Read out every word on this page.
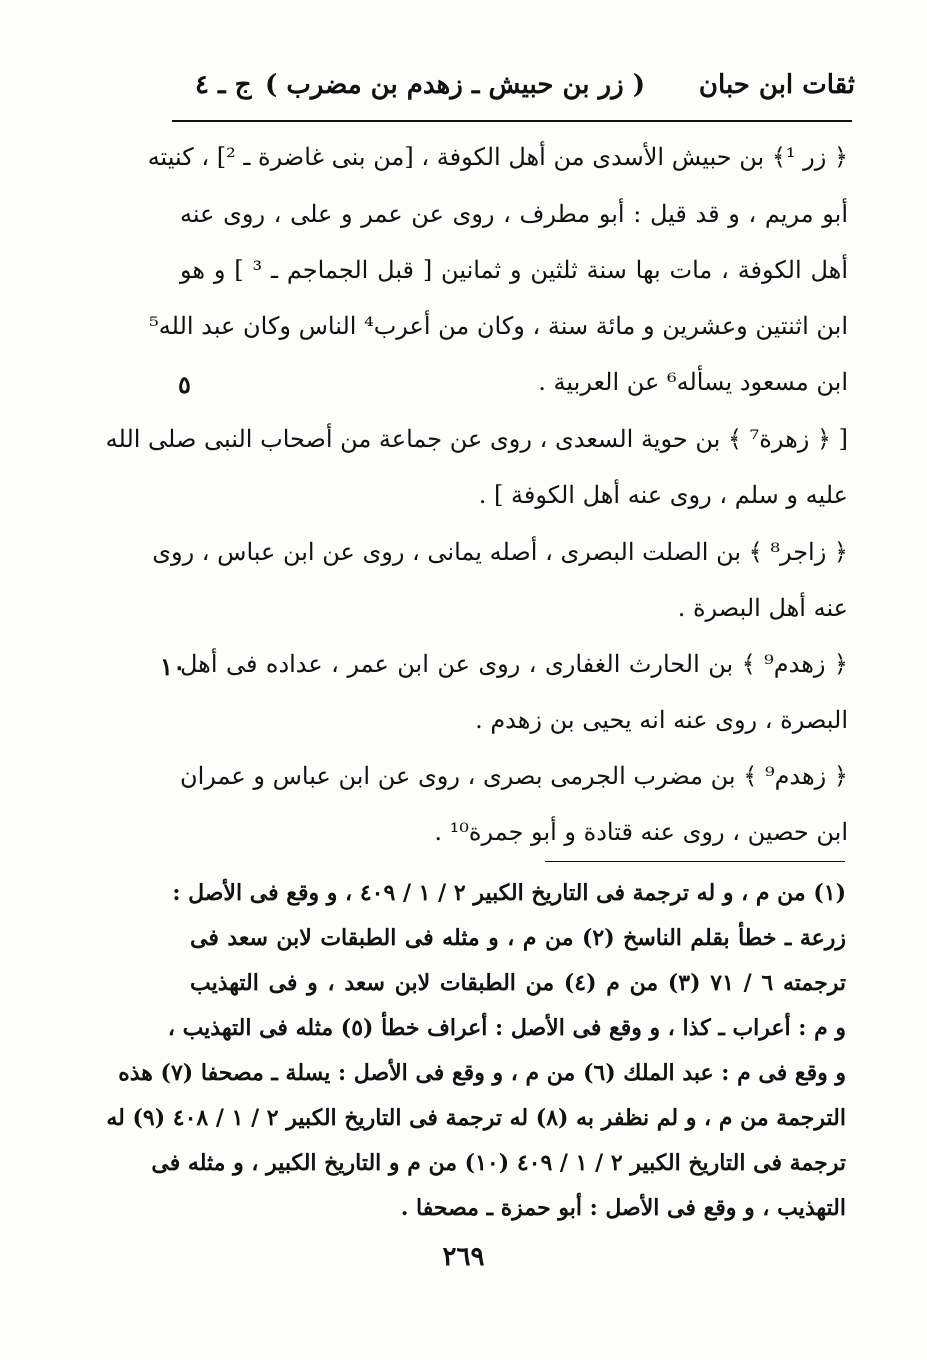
ثقات ابن حبان
( زر بن حبيش ـ زهدم بن مضرب )
ج ـ ٤
﴿ زر ¹﴾ بن حبيش الأسدى من أهل الكوفة ، [من بنى غاضرة ـ ²] ، كنيته
أبو مريم ، و قد قيل : أبو مطرف ، روى عن عمر و على ، روى عنه
أهل الكوفة ، مات بها سنة ثلثين و ثمانين [ قبل الجماجم ـ ³ ] و هو
ابن اثنتين وعشرين و مائة سنة ، وكان من أعرب⁴ الناس وكان عبد الله⁵
ابن مسعود يسأله⁶ عن العربية .
[ ﴿ زهرة⁷ ﴾ بن حوية السعدى ، روى عن جماعة من أصحاب النبى صلى الله
عليه و سلم ، روى عنه أهل الكوفة ] .
﴿ زاجر⁸ ﴾ بن الصلت البصرى ، أصله يمانى ، روى عن ابن عباس ، روى
عنه أهل البصرة .
﴿ زهدم⁹ ﴾ بن الحارث الغفارى ، روى عن ابن عمر ، عداده فى أهل
البصرة ، روى عنه انه يحيى بن زهدم .
﴿ زهدم⁹ ﴾ بن مضرب الجرمى بصرى ، روى عن ابن عباس و عمران
ابن حصين ، روى عنه قتادة و أبو جمرة¹⁰ .
٥
١٠
(١) من م ، و له ترجمة فى التاريخ الكبير ٢ / ١ / ٤٠٩ ، و وقع فى الأصل :
زرعة ـ خطأ بقلم الناسخ (٢) من م ، و مثله فى الطبقات لابن سعد فى
ترجمته ٦ / ٧١ (٣) من م (٤) من الطبقات لابن سعد ، و فى التهذيب
و م : أعراب ـ كذا ، و وقع فى الأصل : أعراف خطأ (٥) مثله فى التهذيب ،
و وقع فى م : عبد الملك (٦) من م ، و وقع فى الأصل : يسلة ـ مصحفا (٧) هذه
الترجمة من م ، و لم نظفر به (٨) له ترجمة فى التاريخ الكبير ٢ / ١ / ٤٠٨ (٩) له
ترجمة فى التاريخ الكبير ٢ / ١ / ٤٠٩ (١٠) من م و التاريخ الكبير ، و مثله فى
التهذيب ، و وقع فى الأصل : أبو حمزة ـ مصحفا .
٢٦٩
